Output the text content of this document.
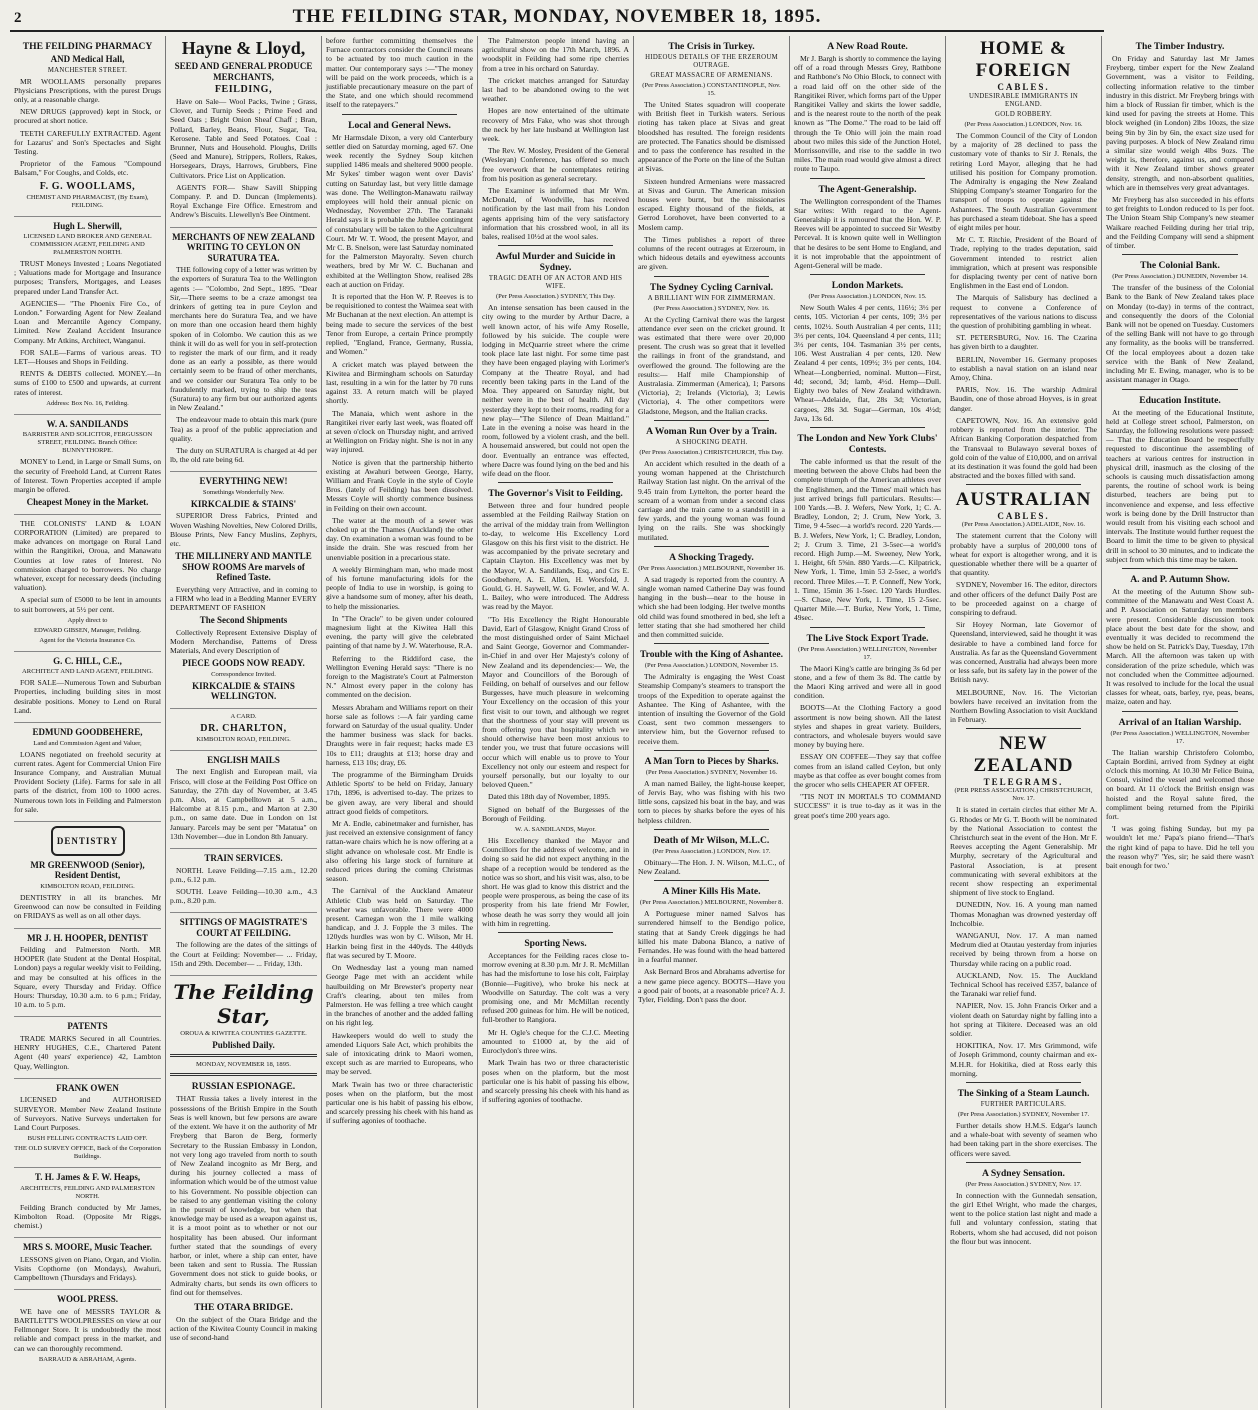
2	THE FEILDING STAR, MONDAY, NOVEMBER 18, 1895.
THE FEILDING PHARMACY
AND Medical Hall,
MANCHESTER STREET.

MR WOOLLAMS personally prepares Physicians Prescriptions, with the purest Drugs only, at a reasonable charge.

NEW DRUGS (approved) kept in Stock, or procured at short notice.

TEETH CAREFULLY EXTRACTED. Agent for Lazarus' and Son's Spectacles and Sight Testing.

Proprietor of the Famous "Compound Balsam," For Coughs, and Colds, etc.

F. G. WOOLLAMS,
CHEMIST AND PHARMACIST, (By Exam), FEILDING.
Hugh L. Sherwill,
LICENSED LAND BROKER AND GENERAL COMMISSION AGENT, FEILDING AND PALMERSTON NORTH.

TRUST Moneys Invested ; Loans Negotiated ; Valuations made for Mortgage and Insurance purposes; Transfers, Mortgages, and Leases prepared under Land Transfer Act.

AGENCIES— "The Phoenix Fire Co., of London." Forwarding Agent for New Zealand Loan and Mercantile Agency Company, Limited. New Zealand Accident Insurance Company. Mr Atkins, Architect, Wanganui.

FOR SALE—Farms of various areas. TO LET—Houses and Shops in Feilding.

RENTS & DEBTS collected. MONEY.—In sums of £100 to £500 and upwards, at current rates of interest.

Address: Box No. 16, Feilding.
W. A. SANDILANDS
BARRISTER AND SOLICITOR, FERGUSSON STREET, FEILDING. Branch Office: BUNNYTHORPE.

MONEY to Lend, in Large or Small Sums, on the security of Freehold Land, at Current Rates of Interest. Town Properties accepted if ample margin be offered.

Cheapest Money in the Market.

THE COLONISTS' LAND & LOAN CORPORATION (Limited) are prepared to make advances on mortgage on Rural Land within the Rangitikei, Oroua, and Manawatu Counties at low rates of Interest. No commission charged to borrowers. No charge whatever, except for necessary deeds (including valuation).

A special sum of £5000 to be lent in amounts to suit borrowers, at 5½ per cent.

Apply direct to
EDWARD GIBSEN, Manager, Feilding.
Agent for the Victoria Insurance Co.
G. C. HILL, C.E.,
ARCHITECT AND LAND AGENT, FEILDING.

FOR SALE—Numerous Town and Suburban Properties, including building sites in most desirable positions. Money to Lend on Rural Land.

EDMUND GOODBEHERE,
Land and Commission Agent and Valuer,

LOANS negotiated on freehold security at current rates. Agent for Commercial Union Fire Insurance Company, and Australian Mutual Provident Society (Life). Farms for sale in all parts of the district, from 100 to 1000 acres. Numerous town lots in Feilding and Palmerston for sale.

DENTISTRY
MR GREENWOOD (Senior), Resident Dentist,
KIMBOLTON ROAD, FEILDING.

DENTISTRY in all its branches. Mr Greenwood can now be consulted in Feilding on FRIDAYS as well as on all other days.

MR J. H. HOOPER, DENTIST

Feilding and Palmerston North. MR HOOPER (late Student at the Dental Hospital, London) pays a regular weekly visit to Feilding, and may be consulted at his offices in the Square, every Thursday and Friday. Office Hours: Thursday, 10.30 a.m. to 6 p.m.; Friday, 10 a.m. to 5 p.m.

PATENTS

TRADE MARKS Secured in all Countries. HENRY HUGHES, C.E., Chartered Patent Agent (40 years' experience) 42, Lambton Quay, Wellington.

FRANK OWEN

LICENSED and AUTHORISED SURVEYOR. Member New Zealand Institute of Surveyors. Native Surveys undertaken for Land Court Purposes.

BUSH FELLING CONTRACTS LAID OFF.
THE OLD SURVEY OFFICE, Back of the Corporation Buildings.
T. H. James & F. W. Heaps,
ARCHITECTS, FEILDING AND PALMERSTON NORTH.

Feilding Branch conducted by Mr James, Kimbolton Road. (Opposite Mr Riggs, chemist.)

MRS S. MOORE, Music Teacher.

LESSONS given on Piano, Organ, and Violin. Visits Copthorne (on Mondays), Awahuri, Campbelltown (Thursdays and Fridays).

WOOL PRESS.

WE have one of MESSRS TAYLOR & BARTLETT'S WOOLPRESSES on view at our Fellmonger Store. It is undoubtedly the most reliable and compact press in the market, and can we can thoroughly recommend.

BARRAUD & ABRAHAM, Agents.
Hayne & Lloyd,
SEED AND GENERAL PRODUCE MERCHANTS,
FEILDING,

Have on Sale— Wool Packs, Twine ; Grass, Clover, and Turnip Seeds ; Prime Feed and Seed Oats ; Bright Onion Sheaf Chaff ; Bran, Pollard, Barley, Beans, Flour, Sugar, Tea, Kerosene. Table and Seed Potatoes. Coal : Brunner, Nuts and Household. Ploughs, Drills (Seed and Manure), Strippers, Rollers, Rakes, Horsegears, Drays, Harrows, Grubbers, Fine Cultivators. Price List on Application.

AGENTS FOR— Shaw Savill Shipping Company. P. and D. Duncan (Implements). Royal Exchange Fire Office. Ernestrom and Andrew's Biscuits. Llewellyn's Bee Ointment.

MERCHANTS OF NEW ZEALAND WRITING TO CEYLON ON SURATURA TEA.

THE following copy of a letter was written by the exporters of Suratura Tea to the Wellington agents :— "Colombo, 2nd Sept., 1895. "Dear Sir,—There seems to be a craze amongst tea drinkers of getting tea in pure Ceylon and merchants here do Suratura Tea, and we have on more than one occasion heard them highly spoken of in Colombo. We caution this as we think it will do as well for you in self-protection to register the mark of our firm, and it ready done as an early a possible, as there would certainly seem to be fraud of other merchants, and we consider our Suratura Tea only to be fraudulently marked, trying to ship the teas (Suratura) to any firm but our authorized agents in New Zealand."

The endeavour made to obtain this mark (pure Tea) as a proof of the public appreciation and quality.

The duty on SURATURA is charged at 4d per lb, the old rate being 6d.

EVERYTHING NEW!
Somethings Wonderfully New.
KIRKCALDIE & STAINS'

SUPERIOR Dress Fabrics, Printed and Woven Washing Novelties, New Colored Drills, Blouse Prints, New Fancy Muslins, Zephyrs, etc.

THE MILLINERY AND MANTLE SHOW ROOMS Are marvels of Refined Taste.

Everything very Attractive, and in coming to a FIRM who lead in a Bedding Manner EVERY DEPARTMENT OF FASHION

The Second Shipments

Collectively Represent Extensive Display of Modern Merchandise, Patterns of Dress Materials, And every Description of

PIECE GOODS NOW READY.
Correspondence Invited.
KIRKCALDIE & STAINS WELLINGTON.
A CARD.
DR. CHARLTON,
KIMBOLTON ROAD, FEILDING.
ENGLISH MAILS

The next English and European mail, via Frisco, will close at the Feilding Post Office on Saturday, the 27th day of November, at 3.45 p.m. Also, at Campbelltown at 5 a.m., Halcombe at 8.15 p.m., and Marton at 2.30 p.m., on same date. Due in London on 1st January. Parcels may be sent per "Matatua" on 13th November—due in London 8th January.

TRAIN SERVICES.

NORTH. Leave Feilding—7.15 a.m., 12.20 p.m., 6.12 p.m.

SOUTH. Leave Feilding—10.30 a.m., 4.3 p.m., 8.20 p.m.

SITTINGS OF MAGISTRATE'S COURT AT FEILDING.

The following are the dates of the sittings of the Court at Feilding: November— ... Friday, 15th and 29th. December— ... Friday, 13th.

The Feilding Star,
OROUA & KIWITEA COUNTIES GAZETTE.
Published Daily.
MONDAY, NOVEMBER 18, 1895.
RUSSIAN ESPIONAGE.

THAT Russia takes a lively interest in the possessions of the British Empire in the South Seas is well known, but few persons are aware of the extent. We have it on the authority of Mr Freyberg that Baron de Berg, formerly Secretary to the Russian Embassy in London, not very long ago traveled from north to south of New Zealand incognito as Mr Berg, and during his journey collected a mass of information which would be of the utmost value to his Government. No possible objection can be raised to any gentleman visiting the colony in the pursuit of knowledge, but when that knowledge may be used as a weapon against us, it is a moot point as to whether or not our hospitality has been abused. Our informant further stated that the soundings of every harbor, or inlet, where a ship can enter, have been taken and sent to Russia. The Russian Government does not stick to guide books, or Admiralty charts, but sends its own officers to find out for themselves.

THE OTARA BRIDGE.

On the subject of the Otara Bridge and the action of the Kiwitea County Council in making use of second-hand

before further committing themselves the Furnace contractors consider the Council means to be actuated by too much caution in the matter. Our contemporary says :—"The money will be paid on the work proceeds, which is a justifiable precautionary measure on the part of the State, and one which should recommend itself to the ratepayers."

Local and General News.

Mr Harmsdale Dixon, a very old Canterbury settler died on Saturday morning, aged 67. One week recently the Sydney Soup kitchen supplied 1486 meals and sheltered 9000 people. Mr Sykes' timber wagon went over Davis' cutting on Saturday last, but very little damage was done. The Wellington-Manawatu railway employees will hold their annual picnic on Wednesday, November 27th. The Taranaki Herald says it is probable the Jubilee contingent of constabulary will be taken to the Agricultural Court. Mr W. T. Wood, the present Mayor, and Mr C. B. Snelson, were last Saturday nominated for the Palmerston Mayoralty. Seven church weathers, bred by Mr W. C. Buchanan and exhibited at the Wellington Show, realised 28s each at auction on Friday.

It is reported that the Hon W. P. Reeves is to be requisitioned to contest the Waimea seat with Mr Buchanan at the next election. An attempt is being made to secure the services of the best Tenor from Europe, a certain Prince promptly replied, "England, France, Germany, Russia, and Women."

A cricket match was played between the Kiwitea and Birmingham schools on Saturday last, resulting in a win for the latter by 70 runs against 33. A return match will be played shortly.

The Manaia, which went ashore in the Rangitikei river early last week, was floated off at seven o'clock on Thursday night, and arrived at Wellington on Friday night. She is not in any way injured.

Notice is given that the partnership hitherto existing at Awahuri between George, Harry, William and Frank Coyle in the style of Coyle Bros. (lately of Feilding) has been dissolved. Messrs Coyle will shortly commence business in Feilding on their own account.

The water at the mouth of a sewer was choked up at the Thames (Auckland) the other day. On examination a woman was found to be inside the drain. She was rescued from her unenviable position in a precarious state.

A weekly Birmingham man, who made most of his fortune manufacturing idols for the people of India to use in worship, is going to give a handsome sum of money, after his death, to help the missionaries.

In "The Oracle" to be given under coloured magnesium light at the Kiwitea Hall this evening, the party will give the celebrated painting of that name by J. W. Waterhouse, R.A.

Referring to the Riddiford case, the Wellington Evening Herald says: "There is no foreign to the Magistrate's Court at Palmerston N." Almost every paper in the colony has commented on the decision.

Messrs Abraham and Williams report on their horse sale as follows :—A fair yarding came forward on Saturday of the usual quality. Under the hammer business was slack for backs. Draughts were in fair request; hacks made £3 10s to £11; draughts at £13; horse dray and harness, £13 10s; dray, £6.

The programme of the Birmingham Druids Athletic Sports' to be held on Friday, January 17th, 1896, is advertised to-day. The prizes to be given away, are very liberal and should attract good fields of competitors.

Mr A. Endle, cabinetmaker and furnisher, has just received an extensive consignment of fancy rattan-ware chairs which he is now offering at a slight advance on wholesale cost. Mr Endle is also offering his large stock of furniture at reduced prices during the coming Christmas season.

The Carnival of the Auckland Amateur Athletic Club was held on Saturday. The weather was unfavorable. There were 4000 present. Carnegan won the 1 mile walking handicap, and J. J. Fopple the 3 miles. The 120yds hurdles was won by C. Wilson, Mr H. Harkin being first in the 440yds. The 440yds flat was secured by T. Moore.

On Wednesday last a young man named George Page met with an accident while haulbuilding on Mr Brewster's property near Craft's clearing, about ten miles from Palmerston. He was felling a tree which caught in the branches of another and the added falling on his right leg.

Hawkeepers would do well to study the amended Liquors Sale Act, which prohibits the sale of intoxicating drink to Maori women, except such as are married to Europeans, who may be served.

Mark Twain has two or three characteristic poses when on the platform, but the most particular one is his habit of passing his elbow, and scarcely pressing his cheek with his hand as if suffering agonies of toothache.

The Palmerston people intend having an agricultural show on the 17th March, 1896. A woodsplit in Feilding had some ripe cherries from a tree in his orchard on Saturday.

The cricket matches arranged for Saturday last had to be abandoned owing to the wet weather.

Hopes are now entertained of the ultimate recovery of Mrs Fake, who was shot through the neck by her late husband at Wellington last week.

The Rev. W. Mosley, President of the General (Wesleyan) Conference, has offered so much free overwork that he contemplates retiring from his position as general secretary.

The Examiner is informed that Mr Wm. McDonald, of Woodville, has received notification by the last mail from his London agents apprising him of the very satisfactory information that his crossbred wool, in all its bales, realised 10½d at the wool sales.

Awful Murder and Suicide in Sydney.
TRAGIC DEATH OF AN ACTOR AND HIS WIFE.
(Per Press Association.) SYDNEY, This Day.

An intense sensation has been caused in the city owing to the murder by Arthur Dacre, a well known actor, of his wife Amy Roselle, followed by his suicide. The couple were lodging in McQuarrie street where the crime took place late last night. For some time past they have been engaged playing with Lorimer's Company at the Theatre Royal, and had recently been taking parts in the Land of the Moa. They appeared on Saturday night, but neither were in the best of health. All day yesterday they kept to their rooms, reading for a new play—"The Silence of Dean Maitland." Late in the evening a noise was heard in the room, followed by a violent crash, and the bell. A housemaid answered, but could not open the door. Eventually an entrance was effected, where Dacre was found lying on the bed and his wife dead on the floor.

The Governor's Visit to Feilding.

Between three and four hundred people assembled at the Feilding Railway Station on the arrival of the midday train from Wellington to-day, to welcome His Excellency Lord Glasgow on this his first visit to the district. He was accompanied by the private secretary and Captain Clayton. His Excellency was met by the Mayor, W. A. Sandilands, Esq., and Crs E. Goodbehere, A. E. Allen, H. Worsfold, J. Gould, G. H. Saywell, W. G. Fowler, and W. A. L. Bailey, who were introduced. The Address was read by the Mayor.

"To His Excellency the Right Honourable David, Earl of Glasgow, Knight Grand Cross of the most distinguished order of Saint Michael and Saint George, Governor and Commander-in-Chief in and over Her Majesty's colony of New Zealand and its dependencies:— We, the Mayor and Councillors of the Borough of Feilding, on behalf of ourselves and our fellow Burgesses, have much pleasure in welcoming Your Excellency on the occasion of this your first visit to our town, and although we regret that the shortness of your stay will prevent us from offering you that hospitality which we should otherwise have been most anxious to tender you, we trust that future occasions will occur which will enable us to prove to Your Excellency not only our esteem and respect for yourself personally, but our loyalty to our beloved Queen."

Dated this 18th day of November, 1895.

Signed on behalf of the Burgesses of the Borough of Feilding.

W. A. SANDILANDS, Mayor.

His Excellency thanked the Mayor and Councillors for the address of welcome, and in doing so said he did not expect anything in the shape of a reception would be tendered as the notice was so short, and his visit was, also, to be short. He was glad to know this district and the people were prosperous, as being the case of its prosperity from his late friend Mr Fowler, whose death he was sorry they would all join with him in regretting.

Sporting News.

Acceptances for the Feilding races close to-morrow evening at 8.30 p.m. Mr J. R. McMillan has had the misfortune to lose his colt, Fairplay (Bonnie—Fugitive), who broke his neck at Woodville on Saturday. The colt was a very promising one, and Mr McMillan recently refused 200 guineas for him. He will be noticed, full-brother to Rangiora.

Mr H. Ogle's cheque for the C.J.C. Meeting amounted to £1000 at, by the aid of Euroclydon's three wins.

Mark Twain has two or three characteristic poses when on the platform, but the most particular one is his habit of passing his elbow, and scarcely pressing his cheek with his hand as if suffering agonies of toothache.

The Crisis in Turkey.
HIDEOUS DETAILS OF THE ERZEROUM OUTRAGE.
GREAT MASSACRE OF ARMENIANS.
(Per Press Association.) CONSTANTINOPLE, Nov. 15.

The United States squadron will cooperate with British fleet in Turkish waters. Serious rioting has taken place at Sivas and great bloodshed has resulted. The foreign residents are protected. The Fanatics should be dismissed and to pass the conference has resulted in the appearance of the Porte on the line of the Sultan at Sivas.

Sixteen hundred Armenians were massacred at Sivas and Gurun. The American mission houses were burnt, but the missionaries escaped. Eighty thousand of the fields, at Gerrod Lorohovet, have been converted to a Moslem camp.

The Times publishes a report of three columns of the recent outrages at Erzeroum, in which hideous details and eyewitness accounts are given.

The Sydney Cycling Carnival.
A BRILLIANT WIN FOR ZIMMERMAN.
(Per Press Association.) SYDNEY, Nov. 16.

At the Cycling Carnival there was the largest attendance ever seen on the cricket ground. It was estimated that there were over 20,000 present. The crush was so great that it levelled the railings in front of the grandstand, and overflowed the ground. The following are the results:— Half mile Championship of Australasia. Zimmerman (America), 1; Parsons (Victoria), 2; Irelands (Victoria), 3; Lewis (Victoria), 4. The other competitors were Gladstone, Megson, and the Italian cracks.

A Woman Run Over by a Train.
A SHOCKING DEATH.
(Per Press Association.) CHRISTCHURCH, This Day.

An accident which resulted in the death of a young woman happened at the Christchurch Railway Station last night. On the arrival of the 9.45 train from Lyttelton, the porter heard the scream of a woman from under a second class carriage and the train came to a standstill in a few yards, and the young woman was found lying on the rails. She was shockingly mutilated.

A Shocking Tragedy.
(Per Press Association.) MELBOURNE, November 16.

A sad tragedy is reported from the country. A single woman named Catherine Day was found hanging in the bush—near to the house in which she had been lodging. Her twelve months old child was found smothered in bed, she left a letter stating that she had smothered her child and then committed suicide.

Trouble with the King of Ashantee.
(Per Press Association.) LONDON, November 15.

The Admiralty is engaging the West Coast Steamship Company's steamers to transport the troops of the Expedition to operate against the Ashantee. The King of Ashantee, with the intention of insulting the Governor of the Gold Coast, sent two common messengers to interview him, but the Governor refused to receive them.

A Man Torn to Pieces by Sharks.
(Per Press Association.) SYDNEY, November 16.

A man named Bailey, the light-house keeper, of Jervis Bay, who was fishing with his two little sons, capsized his boat in the bay, and was torn to pieces by sharks before the eyes of his helpless children.

Death of Mr Wilson, M.L.C.
(Per Press Association.) LONDON, Nov. 17.

Obituary—The Hon. J. N. Wilson, M.L.C., of New Zealand.

A Miner Kills His Mate.
(Per Press Association.) MELBOURNE, November 8.

A Portuguese miner named Salvos has surrendered himself to the Bendigo police, stating that at Sandy Creek diggings he had killed his mate Dabona Blanco, a native of Fernandes. He was found with the head battered in a fearful manner.

Ask Bernard Bros and Abrahams advertise for a new game piece agency. BOOTS—Have you a good pair of boots, at a reasonable price? A. J. Tyler, Fielding. Don't pass the door.

A New Road Route.

Mr J. Bargh is shortly to commence the laying off of a road through Messrs Grey, Rathbone and Rathbone's No Ohio Block, to connect with a road laid off on the other side of the Rangitikei River, which forms part of the Upper Rangitikei Valley and skirts the lower saddle, and is the nearest route to the north of the peak known as "The Dome." The road to be laid off through the Te Ohio will join the main road about two miles this side of the Junction Hotel, Morrissonville, and rise to the saddle in two miles. The main road would give almost a direct route to Taupo.

The Agent-Generalship.

The Wellington correspondent of the Thames Star writes: With regard to the Agent-Generalship it is rumoured that the Hon. W. P. Reeves will be appointed to succeed Sir Westby Perceval. It is known quite well in Wellington that he desires to be sent Home to England, and it is not improbable that the appointment of Agent-General will be made.

London Markets.
(Per Press Association.) LONDON, Nov. 15.

New South Wales 4 per cents, 116½; 3½ per cents, 105. Victorian 4 per cents, 109; 3½ per cents, 102½. South Australian 4 per cents, 111; 3½ per cents, 104. Queensland 4 per cents, 111; 3½ per cents, 104. Tasmanian 3½ per cents, 106. West Australian 4 per cents, 120. New Zealand 4 per cents, 109½; 3½ per cents, 104. Wheat—Longberried, nominal. Mutton—First, 4d; second, 3d; lamb, 4½d. Hemp—Dull. Eighty two bales of New Zealand withdrawn. Wheat—Adelaide, flat, 28s 3d; Victorian, cargoes, 28s 3d. Sugar—German, 10s 4½d; Java, 13s 6d.

The London and New York Clubs' Contests.

The cable informed us that the result of the meeting between the above Clubs had been the complete triumph of the American athletes over the Englishmen, and the Times' mail which has just arrived brings full particulars. Results:— 100 Yards.—B. J. Wefers, New York, 1; C. A. Bradley, London, 2; J. Crum, New York, 3. Time, 9 4-5sec—a world's record. 220 Yards.—B. J. Wefers, New York, 1; C. Bradley, London, 2; J. Crum 3. Time, 21 3-5sec—a world's record. High Jump.—M. Sweeney, New York, 1. Height, 6ft 5⅝in. 880 Yards.—C. Kilpatrick, New York, 1. Time, 1min 53 2-5sec, a world's record. Three Miles.—T. P. Conneff, New York, 1. Time, 15min 36 1-5sec. 120 Yards Hurdles.—S. Chase, New York, 1. Time, 15 2-5sec. Quarter Mile.—T. Burke, New York, 1. Time, 49sec.

The Live Stock Export Trade.
(Per Press Association.) WELLINGTON, November 17.

The Maori King's cattle are bringing 3s 6d per stone, and a few of them 3s 8d. The cattle by the Maori King arrived and were all in good condition.

BOOTS—At the Clothing Factory a good assortment is now being shown. All the latest styles and shapes in great variety. Builders, contractors, and wholesale buyers would save money by buying here.

ESSAY ON COFFEE—They say that coffee comes from an island called Ceylon, but only maybe as that coffee as ever bought comes from the grocer who sells CHEAPER AT OFFER.

"TIS NOT IN MORTALS TO COMMAND SUCCESS" it is true to-day as it was in the great poet's time 200 years ago.

HOME & FOREIGN
CABLES.
UNDESIRABLE IMMIGRANTS IN ENGLAND.
GOLD ROBBERY.
(Per Press Association.) LONDON, Nov. 16.

The Common Council of the City of London by a majority of 28 declined to pass the customary vote of thanks to Sir J. Renals, the retiring Lord Mayor, alleging that he had utilised his position for Company promotion. The Admiralty is engaging the New Zealand Shipping Company's steamer Tongariro for the transport of troops to operate against the Ashantees. The South Australian Government has purchased a steam tideboat. She has a speed of eight miles per hour.

Mr C. T. Ritchie, President of the Board of Trade, replying to the trades deputation, said Government intended to restrict alien immigration, which at present was responsible for displacing twenty per cent of native born Englishmen in the East end of London.

The Marquis of Salisbury has declined a request to convene a Conference of representatives of the various nations to discuss the question of prohibiting gambling in wheat.

ST. PETERSBURG, Nov. 16. The Czarina has given birth to a daughter.

BERLIN, November 16. Germany proposes to establish a naval station on an island near Amoy, China.

PARIS, Nov. 16. The warship Admiral Baudin, one of those abroad Hoyves, is in great danger.

CAPETOWN, Nov. 16. An extensive gold robbery is reported from the interior. The African Banking Corporation despatched from the Transvaal to Bulawayo several boxes of gold coin of the value of £10,000, and on arrival at its destination it was found the gold had been abstracted and the boxes filled with sand.

AUSTRALIAN
CABLES.
(Per Press Association.) ADELAIDE, Nov. 16.

The statement current that the Colony will probably have a surplus of 200,000 tons of wheat for export is altogether wrong, and it is questionable whether there will be a quarter of that quantity.

SYDNEY, November 16. The editor, directors and other officers of the defunct Daily Post are to be proceeded against on a charge of conspiring to defraud.

Sir Hoyey Norman, late Governor of Queensland, interviewed, said he thought it was desirable to have a combined land force for Australia. As far as the Queensland Government was concerned, Australia had always been more or less safe, but its safety lay in the power of the British navy.

MELBOURNE, Nov. 16. The Victorian bowlers have received an invitation from the Northern Bowling Association to visit Auckland in February.

NEW ZEALAND
TELEGRAMS.
(PER PRESS ASSOCIATION.) CHRISTCHURCH, Nov. 17.

It is stated in certain circles that either Mr A. G. Rhodes or Mr G. T. Booth will be nominated by the National Association to contest the Christchurch seat in the event of the Hon. Mr F. Reeves accepting the Agent Generalship. Mr Murphy, secretary of the Agricultural and Pastoral Association, is at present communicating with several exhibitors at the recent show respecting an experimental shipment of live stock to England.

DUNEDIN, Nov. 16. A young man named Thomas Monaghan was drowned yesterday off Inchcolbie.

WANGANUI, Nov. 17. A man named Medrum died at Otautau yesterday from injuries received by being thrown from a horse on Thursday while racing on a public road.

AUCKLAND, Nov. 15. The Auckland Technical School has received £357, balance of the Taranaki war relief fund.

NAPIER, Nov. 15. John Francis Orker and a violent death on Saturday night by falling into a hot spring at Tikitere. Deceased was an old soldier.

HOKITIKA, Nov. 17. Mrs Grimmond, wife of Joseph Grimmond, county chairman and ex-M.H.R. for Hokitika, died at Ross early this morning.

The Sinking of a Steam Launch.
FURTHER PARTICULARS.
(Per Press Association.) SYDNEY, November 17.

Further details show H.M.S. Edgar's launch and a whale-boat with seventy of seamen who had been taking part in the shore exercises. The officers were saved.

A Sydney Sensation.
(Per Press Association.) SYDNEY, Nov. 17.

In connection with the Gunnedah sensation, the girl Ethel Wright, who made the charges, went to the police station last night and made a full and voluntary confession, stating that Roberts, whom she had accused, did not poison the flour but was innocent.

The Timber Industry.

On Friday and Saturday last Mr James Freyberg, timber expert for the New Zealand Government, was a visitor to Feilding, collecting information relative to the timber industry in this district. Mr Freyberg brings with him a block of Russian fir timber, which is the kind used for paving the streets at Home. This block weighed (in London) 2lbs 10ozs, the size being 9in by 3in by 6in, the exact size used for paving purposes. A block of New Zealand rimu a similar size would weigh 4lbs 9ozs. The weight is, therefore, against us, and compared with it New Zealand timber shows greater density, strength, and non-absorbent qualities, which are in themselves very great advantages.

Mr Freyberg has also succeeded in his efforts to get freights to London reduced to 1s per foot. The Union Steam Ship Company's new steamer Waikare reached Feilding during her trial trip, and the Feilding Company will send a shipment of timber.

The Colonial Bank.
(Per Press Association.) DUNEDIN, November 14.

The transfer of the business of the Colonial Bank to the Bank of New Zealand takes place on Monday (to-day) in terms of the contract, and consequently the doors of the Colonial Bank will not be opened on Tuesday. Customers of the selling Bank will not have to go through any formality, as the books will be transferred. Of the local employees about a dozen take service with the Bank of New Zealand, including Mr E. Ewing, manager, who is to be assistant manager in Otago.

Education Institute.

At the meeting of the Educational Institute, held at College street school, Palmerston, on Saturday, the following resolutions were passed:— That the Education Board be respectfully requested to discontinue the assembling of teachers at various centres for instruction in physical drill, inasmuch as the closing of the schools is causing much dissatisfaction among parents, the routine of school work is being disturbed, teachers are being put to inconvenience and expense, and less effective work is being done by the Drill Instructor than would result from his visiting each school and intervals. The Institute would further request the Board to limit the time to be given to physical drill in school to 30 minutes, and to indicate the subject from which this time may be taken.

A. and P. Autumn Show.

At the meeting of the Autumn Show sub-committee of the Manawatu and West Coast A. and P. Association on Saturday ten members were present. Considerable discussion took place about the best date for the show, and eventually it was decided to recommend the show be held on St. Patrick's Day, Tuesday, 17th March. All the afternoon was taken up with consideration of the prize schedule, which was not concluded when the Committee adjourned. It was resolved to include for the local the usual classes for wheat, oats, barley, rye, peas, beans, maize, oaten and hay.

Arrival of an Italian Warship.
(Per Press Association.) WELLINGTON, November 17.

The Italian warship Christofero Colombo, Captain Bordini, arrived from Sydney at eight o'clock this morning. At 10.30 Mr Felice Buina, Consul, visited the vessel and welcomed those on board. At 11 o'clock the British ensign was hoisted and the Royal salute fired, the compliment being returned from the Pipiriki fort.

'I was going fishing Sunday, but my pa wouldn't let me.' Papa's piano friend—'That's the right kind of papa to have. Did he tell you the reason why?' 'Yes, sir; he said there wasn't bait enough for two.'
